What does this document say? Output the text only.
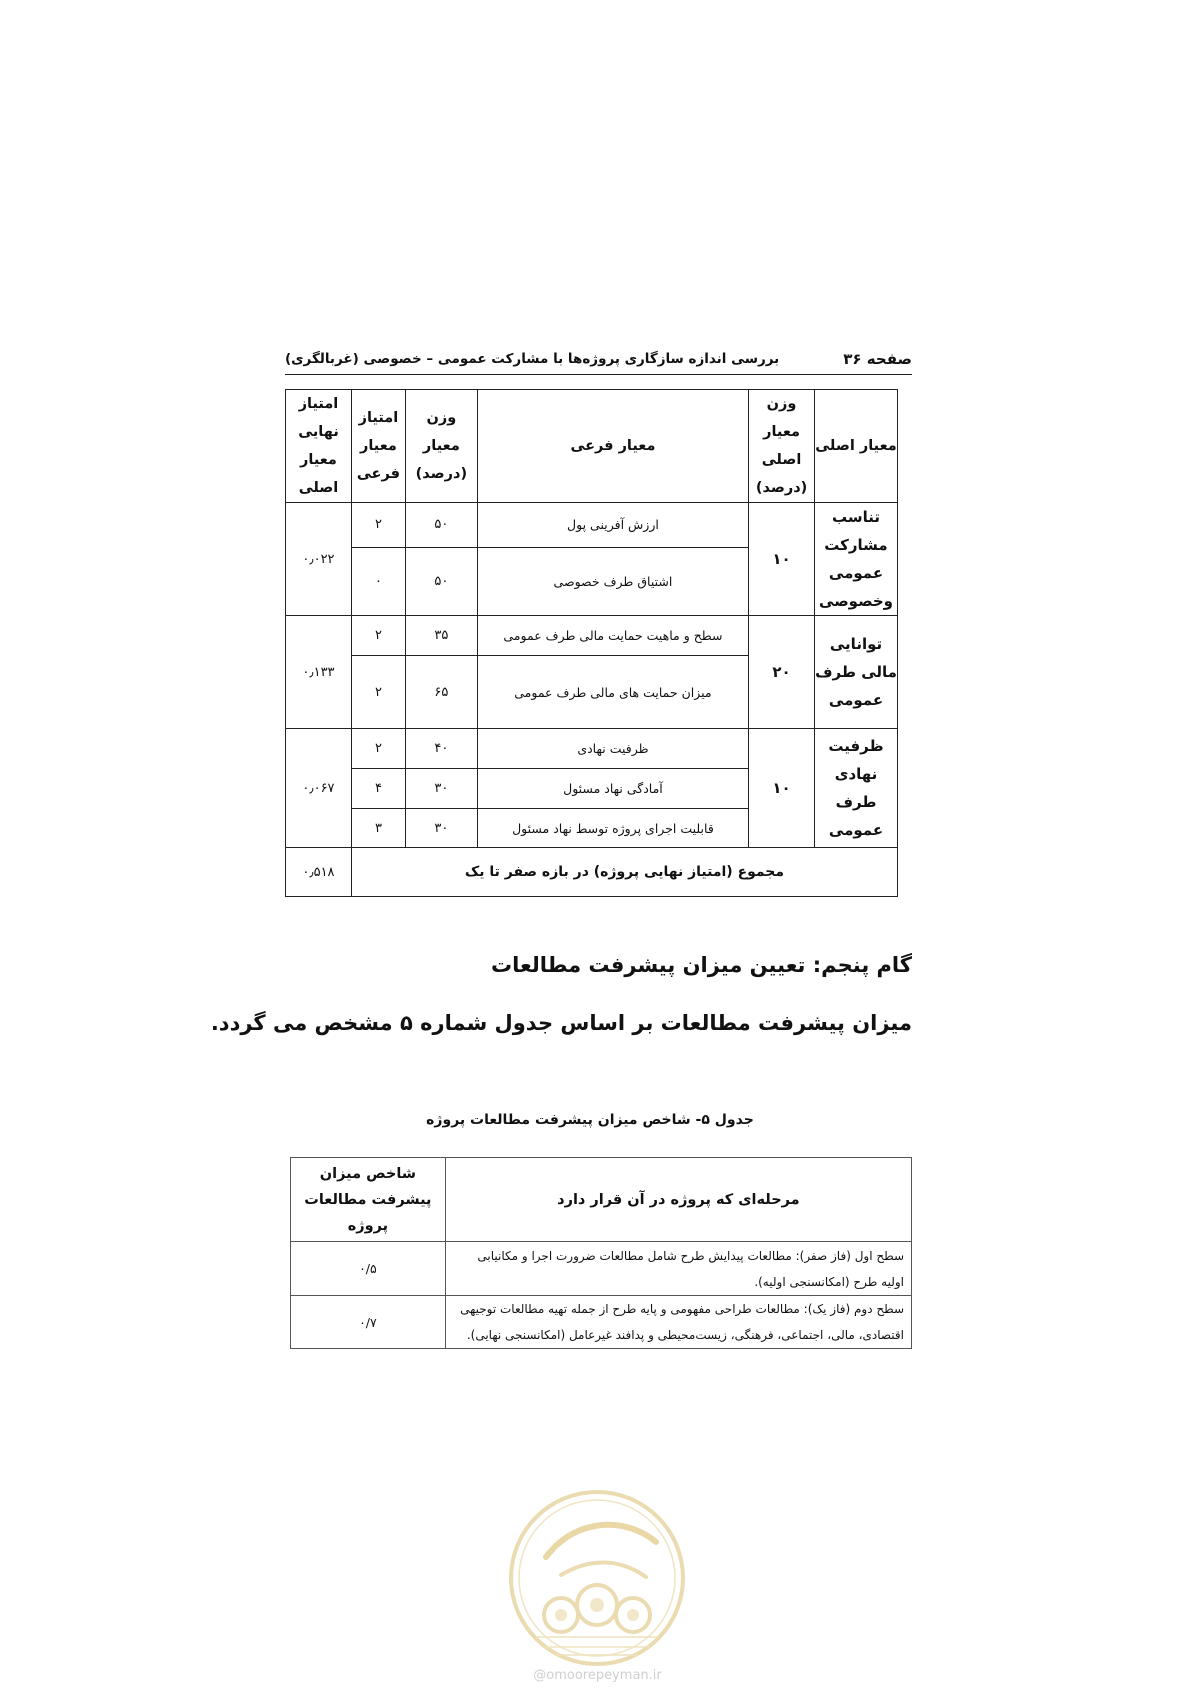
صفحه ۳۶
بررسی اندازه سازگاری پروژه‌ها با مشارکت عمومی – خصوصی (غربالگری)
معیار اصلی	وزن معیار اصلی (درصد)	معیار فرعی	وزن معیار (درصد)	امتیاز معیار فرعی	امتیاز نهایی معیار اصلی
تناسب مشارکت عمومی وخصوصی	۱۰	ارزش آفرینی پول	۵۰	۲	۰٫۰۲۲
		اشتیاق طرف خصوصی	۵۰	۰	
توانایی مالی طرف عمومی	۲۰	سطح و ماهیت حمایت مالی طرف عمومی	۳۵	۲	۰٫۱۳۳
		میزان حمایت های مالی طرف عمومی	۶۵	۲	
ظرفیت نهادی طرف عمومی	۱۰	ظرفیت نهادی	۴۰	۲	۰٫۰۶۷
		آمادگی نهاد مسئول	۳۰	۴	
		قابلیت اجرای پروژه توسط نهاد مسئول	۳۰	۳	
مجموع (امتیاز نهایی پروژه) در بازه صفر تا یک					۰٫۵۱۸
گام پنجم: تعیین میزان پیشرفت مطالعات
میزان پیشرفت مطالعات بر اساس جدول شماره ۵ مشخص می گردد.
جدول ۵- شاخص میزان پیشرفت مطالعات پروژه
مرحله‌ای که پروژه در آن قرار دارد	شاخص میزان پیشرفت مطالعات پروژه
سطح اول (فاز صفر): مطالعات پیدایش طرح شامل مطالعات ضرورت اجرا و مکانیابی اولیه طرح (امکانسنجی اولیه).	۰/۵
سطح دوم (فاز یک): مطالعات طراحی مفهومی و پایه طرح از جمله تهیه مطالعات توجیهی اقتصادی، مالی، اجتماعی، فرهنگی، زیست‌محیطی و پدافند غیرعامل (امکانسنجی نهایی).	۰/۷
@omoorepeyman.ir
